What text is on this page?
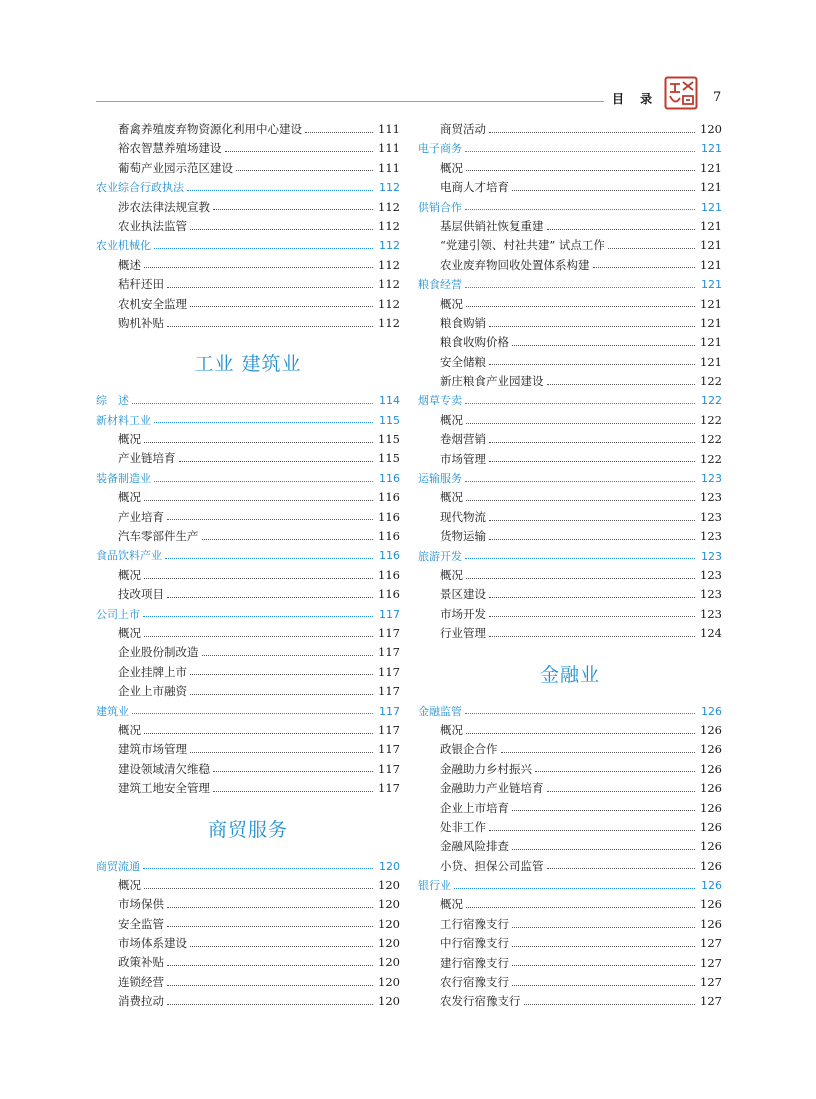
目 录	7
畜禽养殖废弃物资源化利用中心建设	111
裕农智慧养殖场建设	111
葡萄产业园示范区建设	111
农业综合行政执法	112
涉农法律法规宣教	112
农业执法监管	112
农业机械化	112
概述	112
秸秆还田	112
农机安全监理	112
购机补贴	112
工业 建筑业
综　述	114
新材料工业	115
概况	115
产业链培育	115
装备制造业	116
概况	116
产业培育	116
汽车零部件生产	116
食品饮料产业	116
概况	116
技改项目	116
公司上市	117
概况	117
企业股份制改造	117
企业挂牌上市	117
企业上市融资	117
建筑业	117
概况	117
建筑市场管理	117
建设领域清欠维稳	117
建筑工地安全管理	117
商贸服务
商贸流通	120
概况	120
市场保供	120
安全监管	120
市场体系建设	120
政策补贴	120
连锁经营	120
消费拉动	120
商贸活动	120
电子商务	121
概况	121
电商人才培育	121
供销合作	121
基层供销社恢复重建	121
“党建引领、村社共建” 试点工作	121
农业废弃物回收处置体系构建	121
粮食经营	121
概况	121
粮食购销	121
粮食收购价格	121
安全储粮	121
新庄粮食产业园建设	122
烟草专卖	122
概况	122
卷烟营销	122
市场管理	122
运输服务	123
概况	123
现代物流	123
货物运输	123
旅游开发	123
概况	123
景区建设	123
市场开发	123
行业管理	124
金融业
金融监管	126
概况	126
政银企合作	126
金融助力乡村振兴	126
金融助力产业链培育	126
企业上市培育	126
处非工作	126
金融风险排查	126
小贷、担保公司监管	126
银行业	126
概况	126
工行宿豫支行	126
中行宿豫支行	127
建行宿豫支行	127
农行宿豫支行	127
农发行宿豫支行	127
